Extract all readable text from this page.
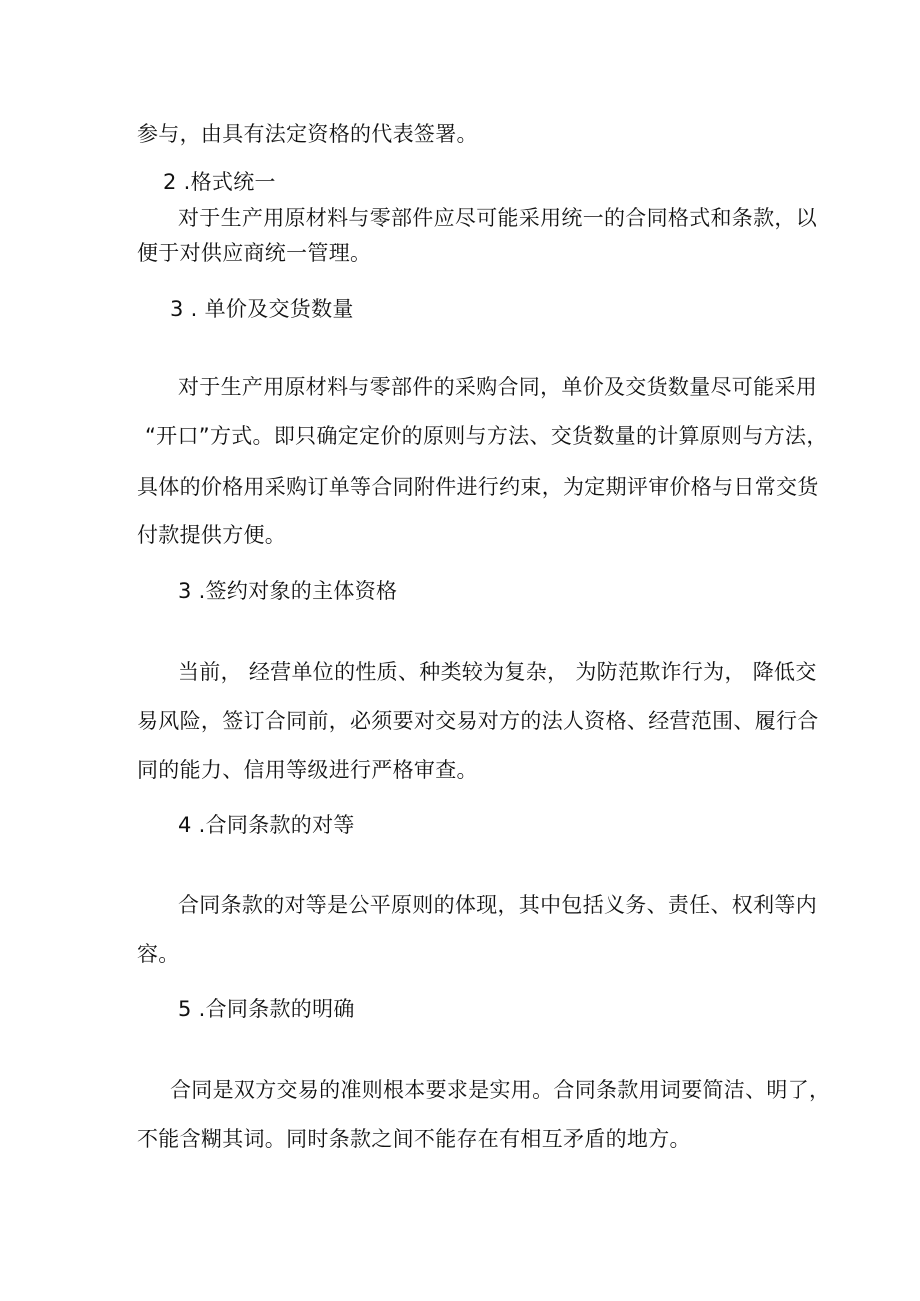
参与，由具有法定资格的代表签署。
2 .格式统一
对于生产用原材料与零部件应尽可能采用统一的合同格式和条款，以
便于对供应商统一管理。
3 . 单价及交货数量
对于生产用原材料与零部件的采购合同，单价及交货数量尽可能采用
“开口”方式。即只确定定价的原则与方法、交货数量的计算原则与方法，
具体的价格用采购订单等合同附件进行约束，为定期评审价格与日常交货
付款提供方便。
3 .签约对象的主体资格
当前， 经营单位的性质、种类较为复杂， 为防范欺诈行为， 降低交
易风险，签订合同前，必须要对交易对方的法人资格、经营范围、履行合
同的能力、信用等级进行严格审查。
4 .合同条款的对等
合同条款的对等是公平原则的体现，其中包括义务、责任、权利等内
容。
5 .合同条款的明确
合同是双方交易的准则根本要求是实用。合同条款用词要简洁、明了，
不能含糊其词。同时条款之间不能存在有相互矛盾的地方。
